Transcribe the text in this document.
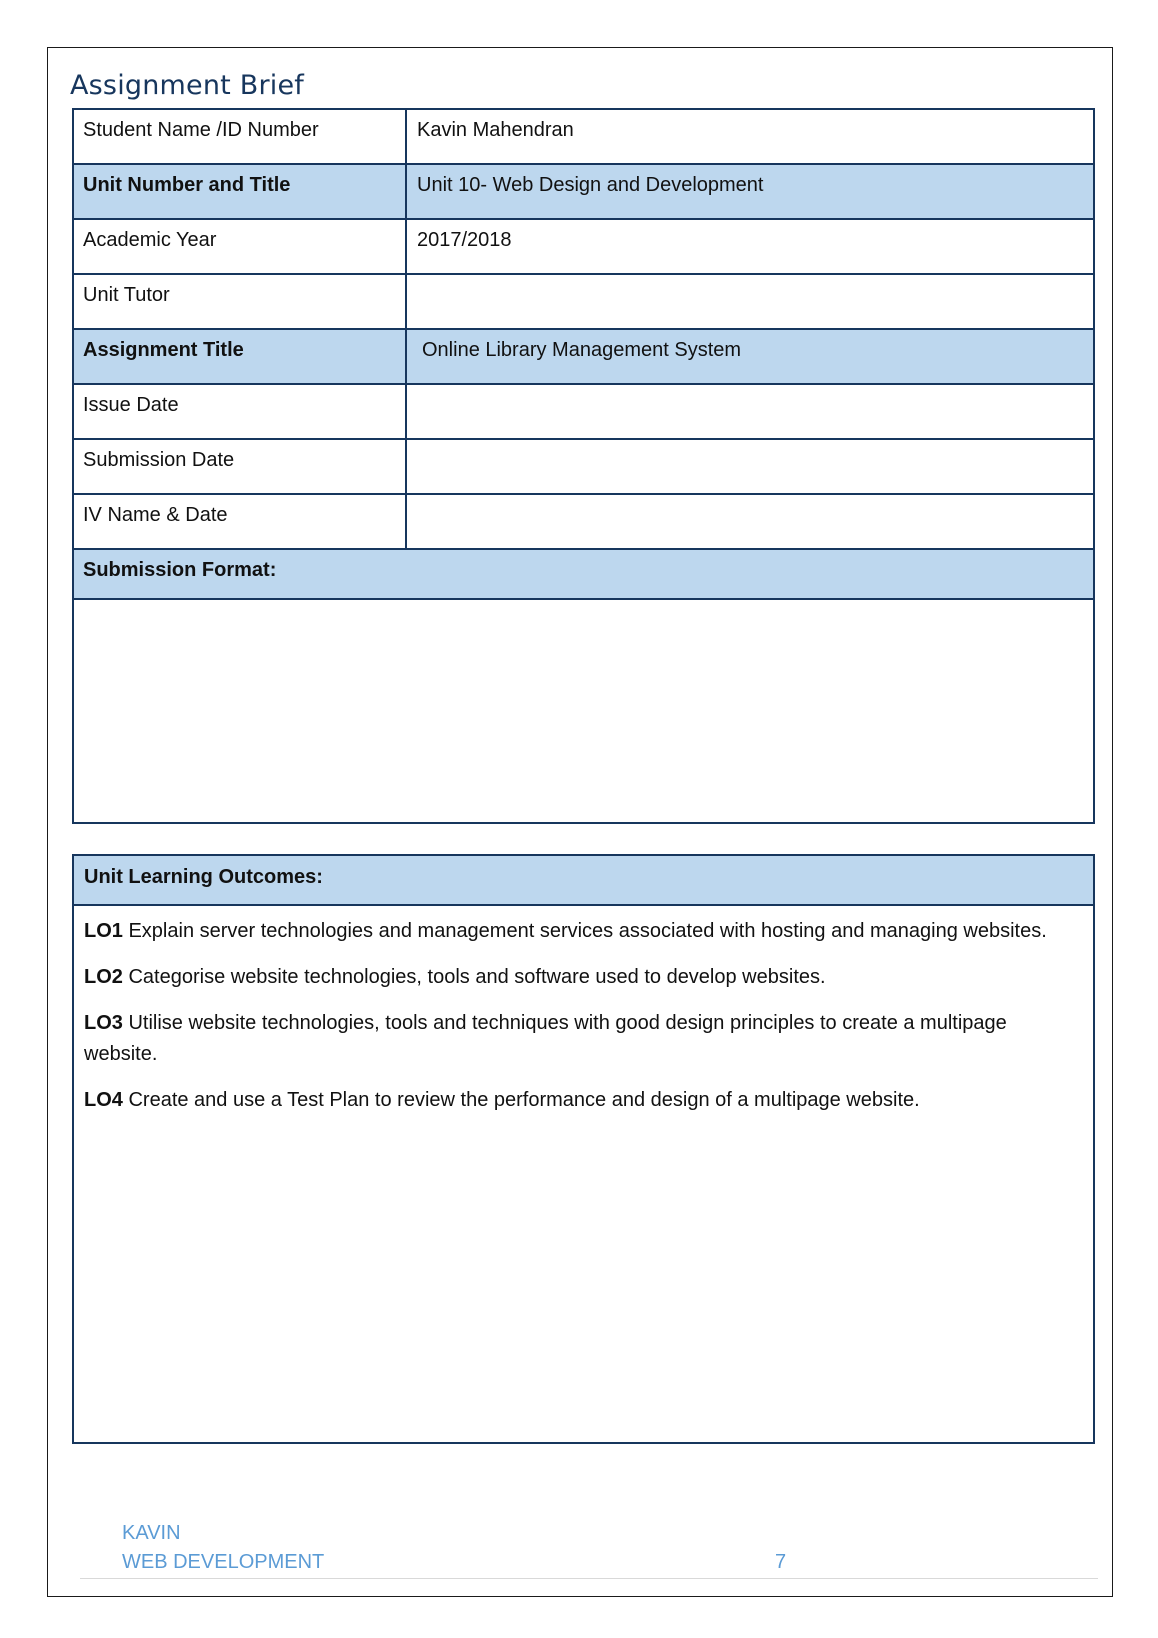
Assignment Brief
Student Name /ID Number	Kavin Mahendran
Unit Number and Title	Unit 10- Web Design and Development
Academic Year	2017/2018
Unit Tutor	
Assignment Title	Online Library Management System
Issue Date	
Submission Date	
IV Name & Date	
Submission Format:	

Unit Learning Outcomes:

LO1 Explain server technologies and management services associated with hosting and managing websites.

LO2 Categorise website technologies, tools and software used to develop websites.

LO3 Utilise website technologies, tools and techniques with good design principles to create a multipage website.

LO4 Create and use a Test Plan to review the performance and design of a multipage website.

KAVIN
WEB DEVELOPMENT	7
